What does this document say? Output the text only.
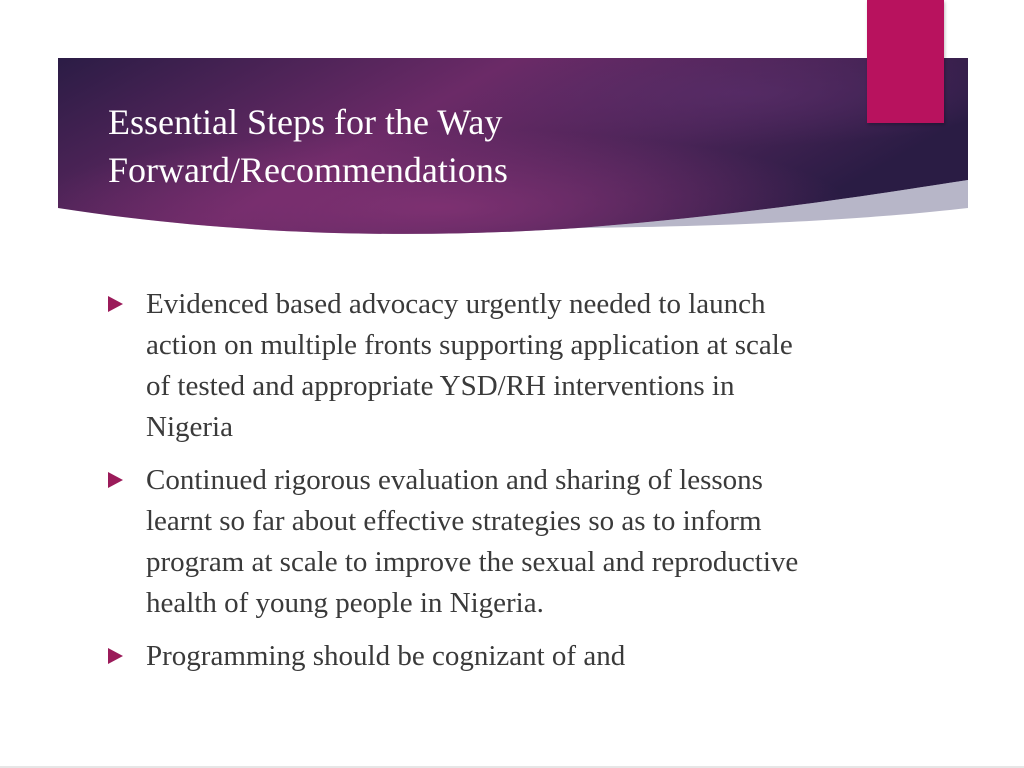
Essential Steps for the Way
Forward/Recommendations
Evidenced based advocacy urgently needed to launch action on multiple fronts supporting application at scale of tested and appropriate YSD/RH interventions in Nigeria
Continued rigorous evaluation and sharing of lessons learnt so far about effective strategies so as to inform program at scale to improve the sexual and reproductive health of young people in Nigeria.
Programming should be cognizant of and
